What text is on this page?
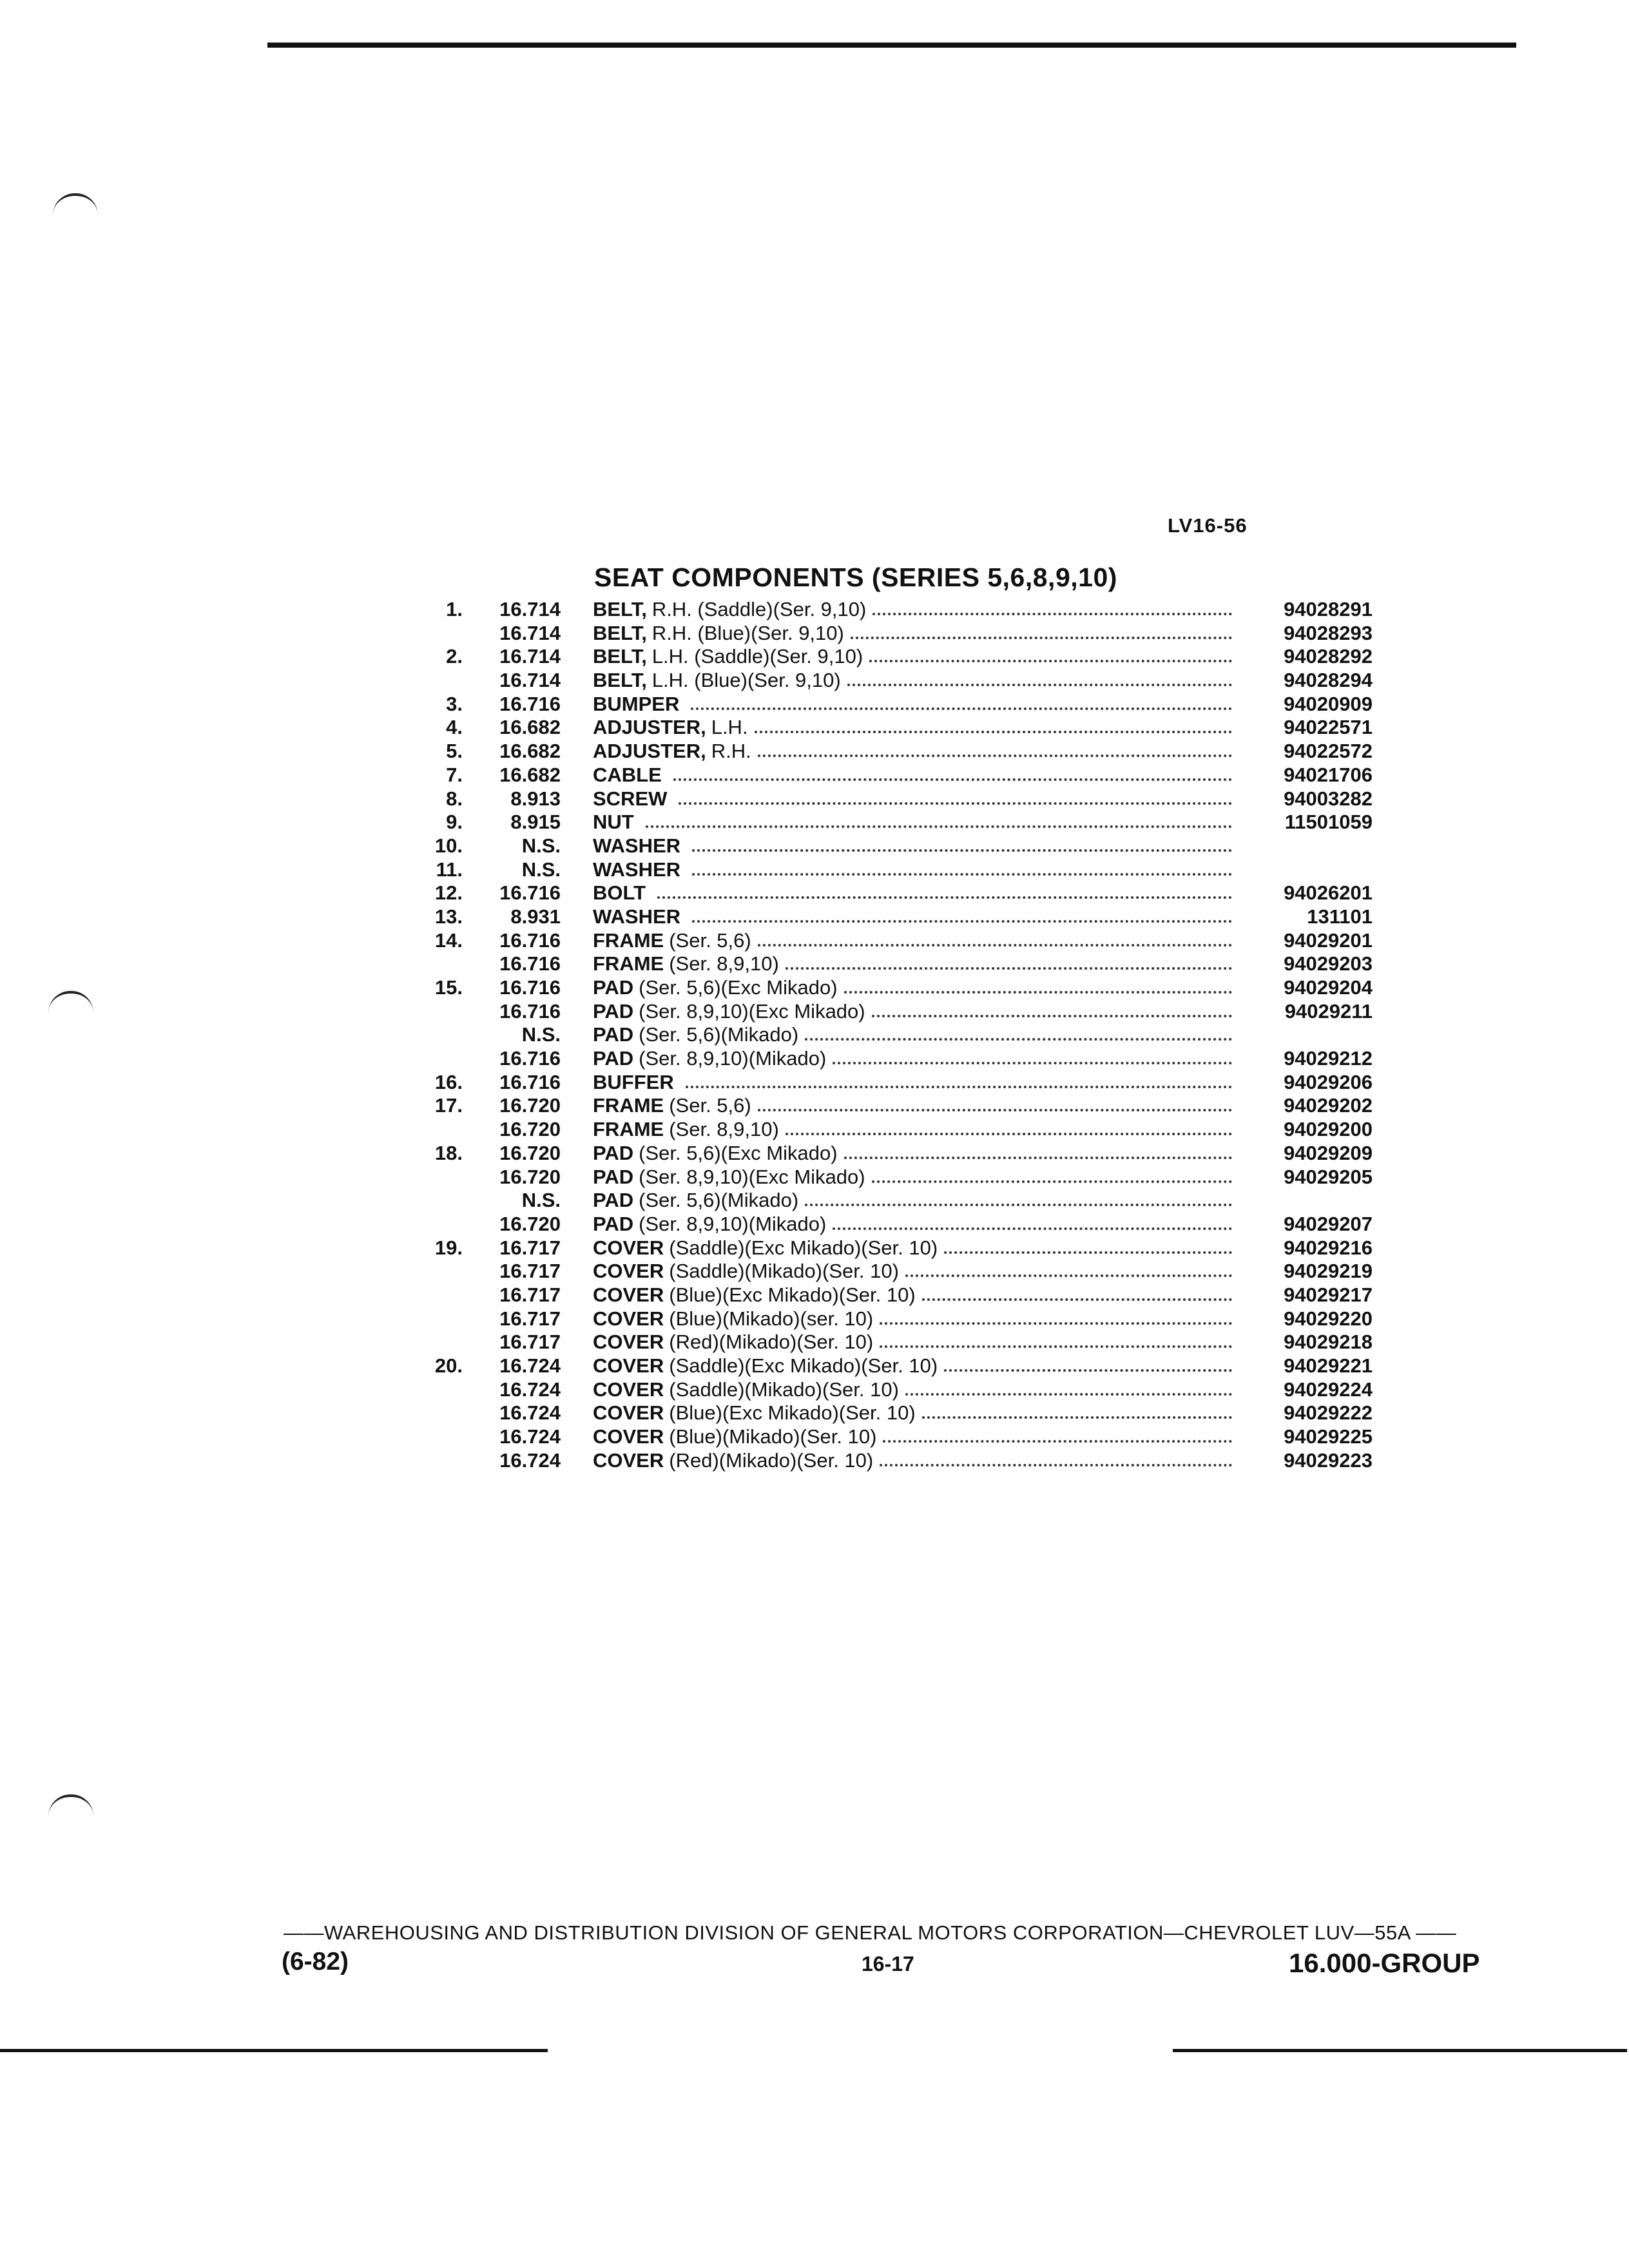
LV16-56
SEAT COMPONENTS (SERIES 5,6,8,9,10)
1.	16.714 BELT, R.H. (Saddle)(Ser. 9,10)	94028291
16.714 BELT, R.H. (Blue)(Ser. 9,10)	94028293
2.	16.714 BELT, L.H. (Saddle)(Ser. 9,10)	94028292
16.714 BELT, L.H. (Blue)(Ser. 9,10)	94028294
3.	16.716 BUMPER	94020909
4.	16.682 ADJUSTER, L.H.	94022571
5.	16.682 ADJUSTER, R.H.	94022572
7.	16.682 CABLE	94021706
8.	8.913 SCREW	94003282
9.	8.915 NUT	11501059
10.	N.S. WASHER
11.	N.S. WASHER
12.	16.716 BOLT	94026201
13.	8.931 WASHER	131101
14.	16.716 FRAME (Ser. 5,6)	94029201
16.716 FRAME (Ser. 8,9,10)	94029203
15.	16.716 PAD (Ser. 5,6)(Exc Mikado)	94029204
16.716 PAD (Ser. 8,9,10)(Exc Mikado)	94029211
N.S. PAD (Ser. 5,6)(Mikado)
16.716 PAD (Ser. 8,9,10)(Mikado)	94029212
16.	16.716 BUFFER	94029206
17.	16.720 FRAME (Ser. 5,6)	94029202
16.720 FRAME (Ser. 8,9,10)	94029200
18.	16.720 PAD (Ser. 5,6)(Exc Mikado)	94029209
16.720 PAD (Ser. 8,9,10)(Exc Mikado)	94029205
N.S. PAD (Ser. 5,6)(Mikado)
16.720 PAD (Ser. 8,9,10)(Mikado)	94029207
19.	16.717 COVER (Saddle)(Exc Mikado)(Ser. 10)	94029216
16.717 COVER (Saddle)(Mikado)(Ser. 10)	94029219
16.717 COVER (Blue)(Exc Mikado)(Ser. 10)	94029217
16.717 COVER (Blue)(Mikado)(ser. 10)	94029220
16.717 COVER (Red)(Mikado)(Ser. 10)	94029218
20.	16.724 COVER (Saddle)(Exc Mikado)(Ser. 10)	94029221
16.724 COVER (Saddle)(Mikado)(Ser. 10)	94029224
16.724 COVER (Blue)(Exc Mikado)(Ser. 10)	94029222
16.724 COVER (Blue)(Mikado)(Ser. 10)	94029225
16.724 COVER (Red)(Mikado)(Ser. 10)	94029223
——WAREHOUSING AND DISTRIBUTION DIVISION OF GENERAL MOTORS CORPORATION—CHEVROLET LUV—55A ——
(6-82)	16-17	16.000-GROUP
